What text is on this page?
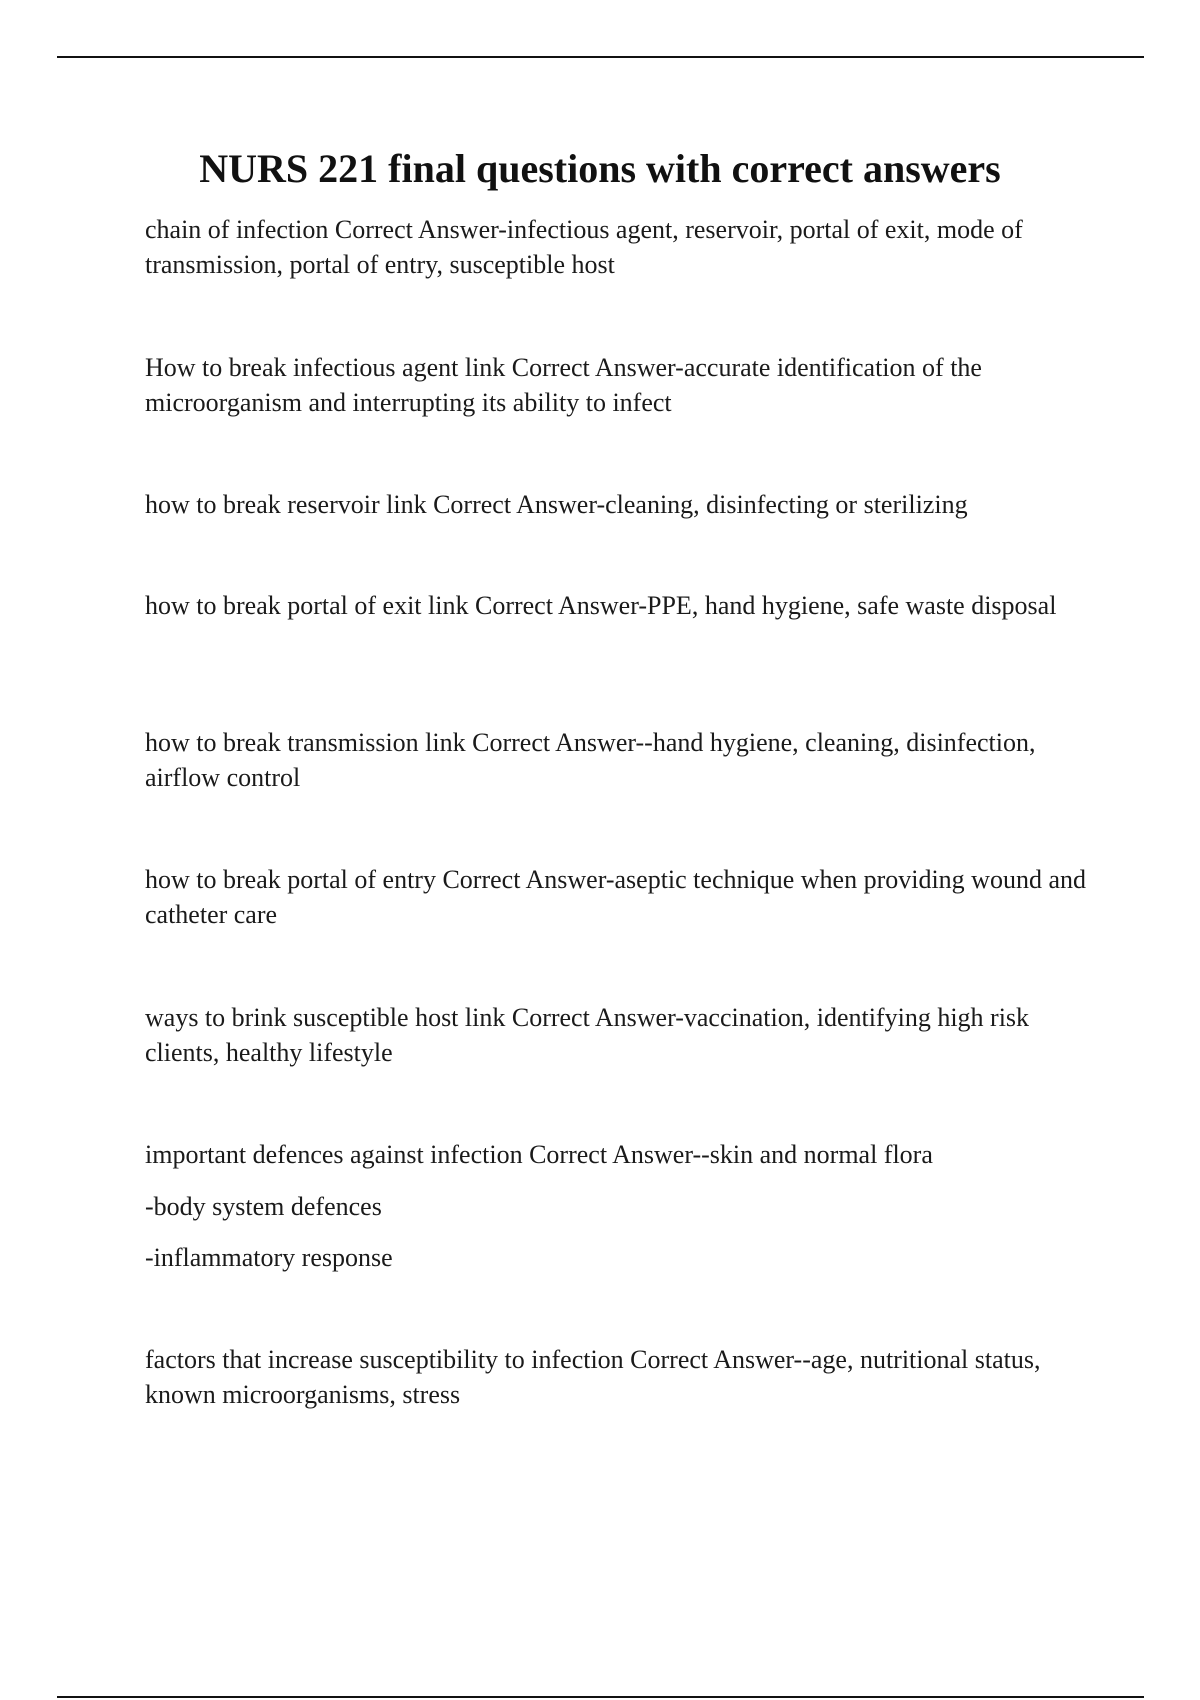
NURS 221 final questions with correct answers

chain of infection Correct Answer-infectious agent, reservoir, portal of exit, mode of transmission, portal of entry, susceptible host

How to break infectious agent link Correct Answer-accurate identification of the microorganism and interrupting its ability to infect

how to break reservoir link Correct Answer-cleaning, disinfecting or sterilizing

how to break portal of exit link Correct Answer-PPE, hand hygiene, safe waste disposal

how to break transmission link Correct Answer--hand hygiene, cleaning, disinfection, airflow control

how to break portal of entry Correct Answer-aseptic technique when providing wound and catheter care

ways to brink susceptible host link Correct Answer-vaccination, identifying high risk clients, healthy lifestyle

important defences against infection Correct Answer--skin and normal flora

-body system defences

-inflammatory response

factors that increase susceptibility to infection Correct Answer--age, nutritional status, known microorganisms, stress
